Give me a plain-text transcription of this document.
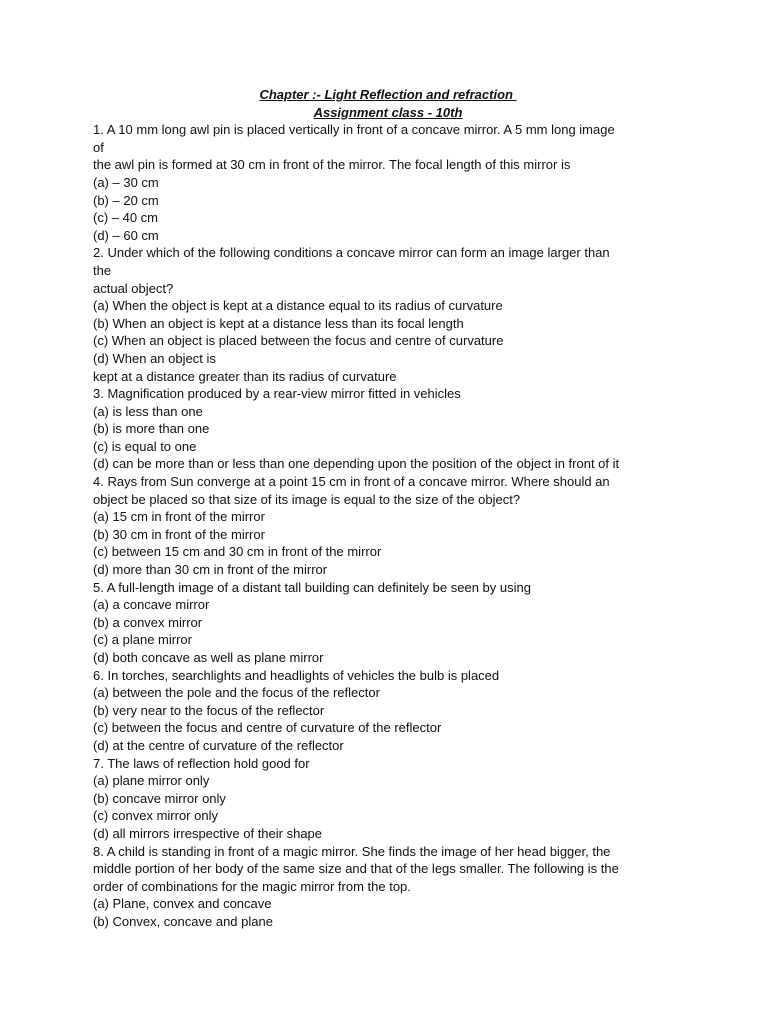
Chapter :- Light Reflection and refraction
Assignment class - 10th
1. A 10 mm long awl pin is placed vertically in front of a concave mirror. A 5 mm long image
of
the awl pin is formed at 30 cm in front of the mirror. The focal length of this mirror is
(a) – 30 cm
(b) – 20 cm
(c) – 40 cm
(d) – 60 cm
2. Under which of the following conditions a concave mirror can form an image larger than
the
actual object?
(a) When the object is kept at a distance equal to its radius of curvature
(b) When an object is kept at a distance less than its focal length
(c) When an object is placed between the focus and centre of curvature
(d) When an object is
kept at a distance greater than its radius of curvature
3. Magnification produced by a rear-view mirror fitted in vehicles
(a) is less than one
(b) is more than one
(c) is equal to one
(d) can be more than or less than one depending upon the position of the object in front of it
4. Rays from Sun converge at a point 15 cm in front of a concave mirror. Where should an
object be placed so that size of its image is equal to the size of the object?
(a) 15 cm in front of the mirror
(b) 30 cm in front of the mirror
(c) between 15 cm and 30 cm in front of the mirror
(d) more than 30 cm in front of the mirror
5. A full-length image of a distant tall building can definitely be seen by using
(a) a concave mirror
(b) a convex mirror
(c) a plane mirror
(d) both concave as well as plane mirror
6. In torches, searchlights and headlights of vehicles the bulb is placed
(a) between the pole and the focus of the reflector
(b) very near to the focus of the reflector
(c) between the focus and centre of curvature of the reflector
(d) at the centre of curvature of the reflector
7. The laws of reflection hold good for
(a) plane mirror only
(b) concave mirror only
(c) convex mirror only
(d) all mirrors irrespective of their shape
8. A child is standing in front of a magic mirror. She finds the image of her head bigger, the
middle portion of her body of the same size and that of the legs smaller. The following is the
order of combinations for the magic mirror from the top.
(a) Plane, convex and concave
(b) Convex, concave and plane
